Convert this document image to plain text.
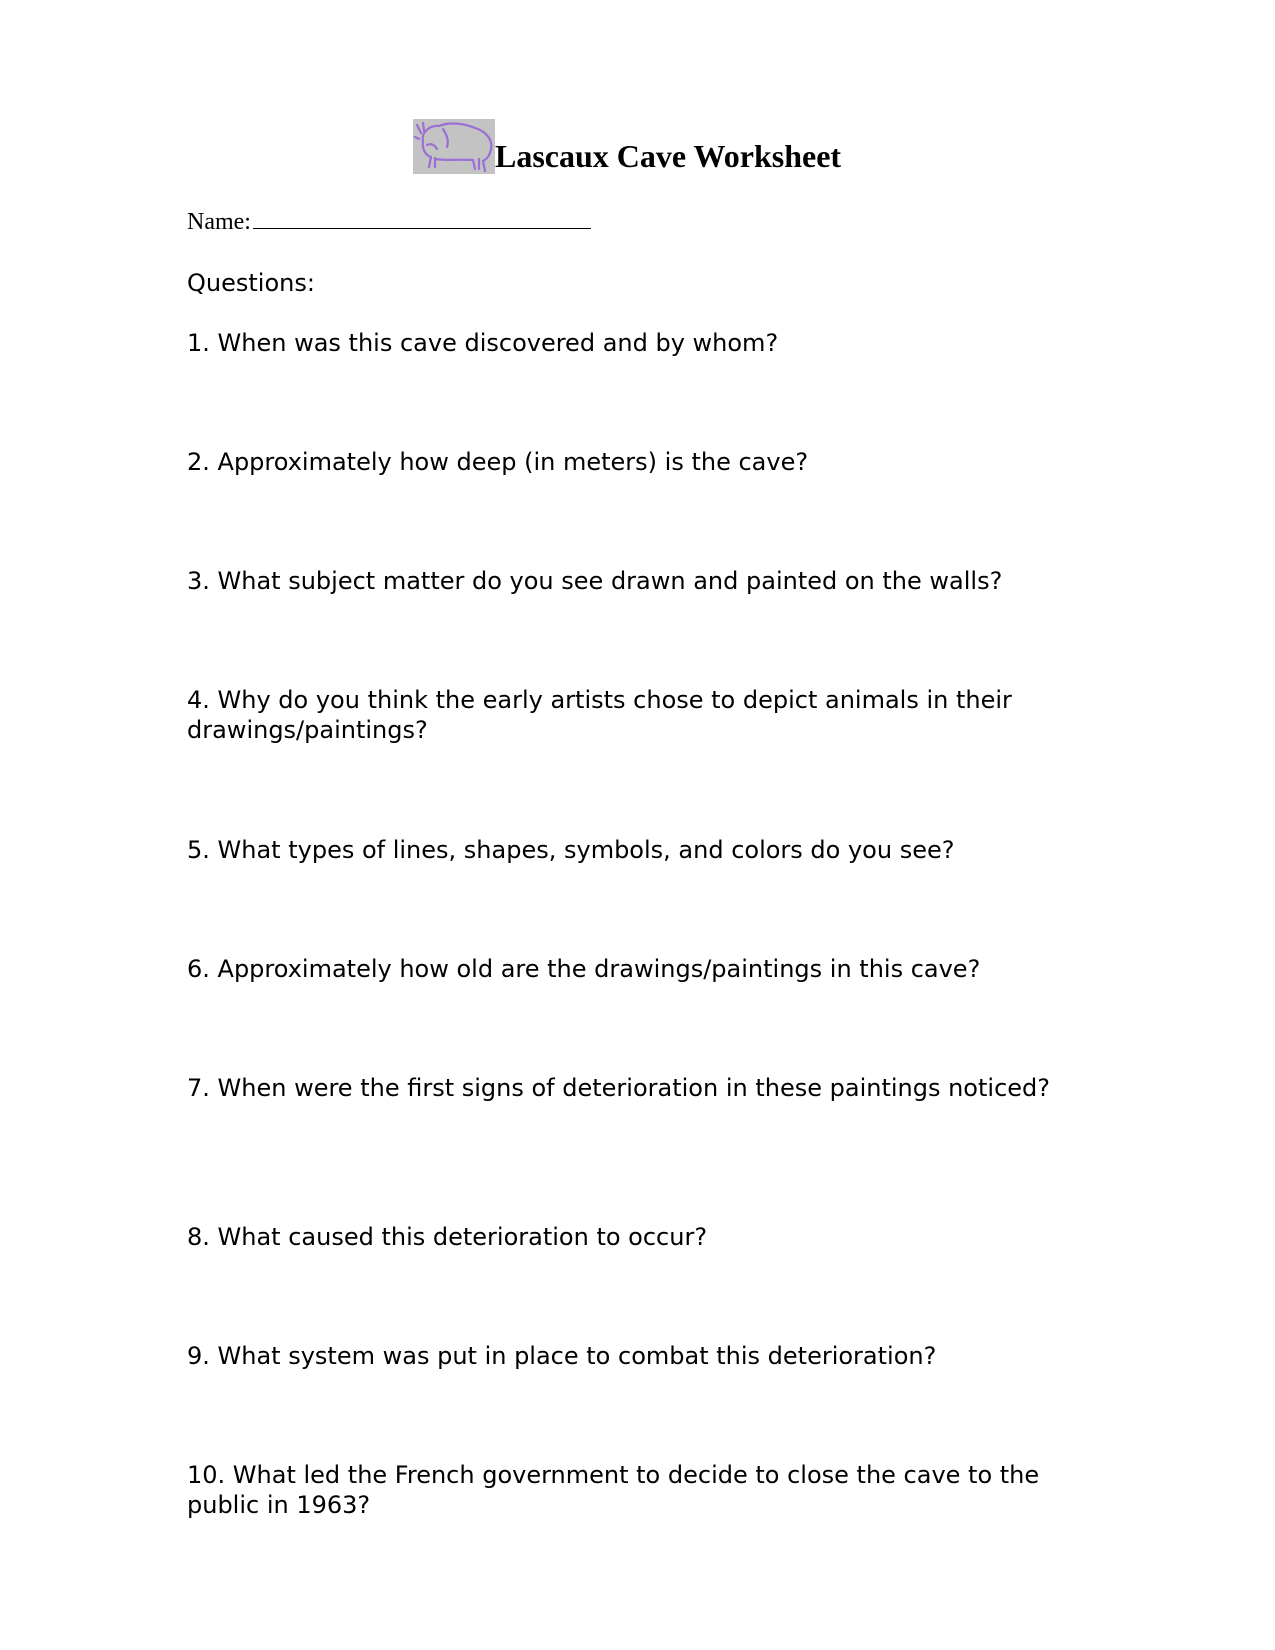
Lascaux Cave Worksheet
Name:
Questions:
1. When was this cave discovered and by whom?
2. Approximately how deep (in meters) is the cave?
3. What subject matter do you see drawn and painted on the walls?
4. Why do you think the early artists chose to depict animals in their drawings/paintings?
5. What types of lines, shapes, symbols, and colors do you see?
6. Approximately how old are the drawings/paintings in this cave?
7. When were the first signs of deterioration in these paintings noticed?
8. What caused this deterioration to occur?
9. What system was put in place to combat this deterioration?
10. What led the French government to decide to close the cave to the public in 1963?
